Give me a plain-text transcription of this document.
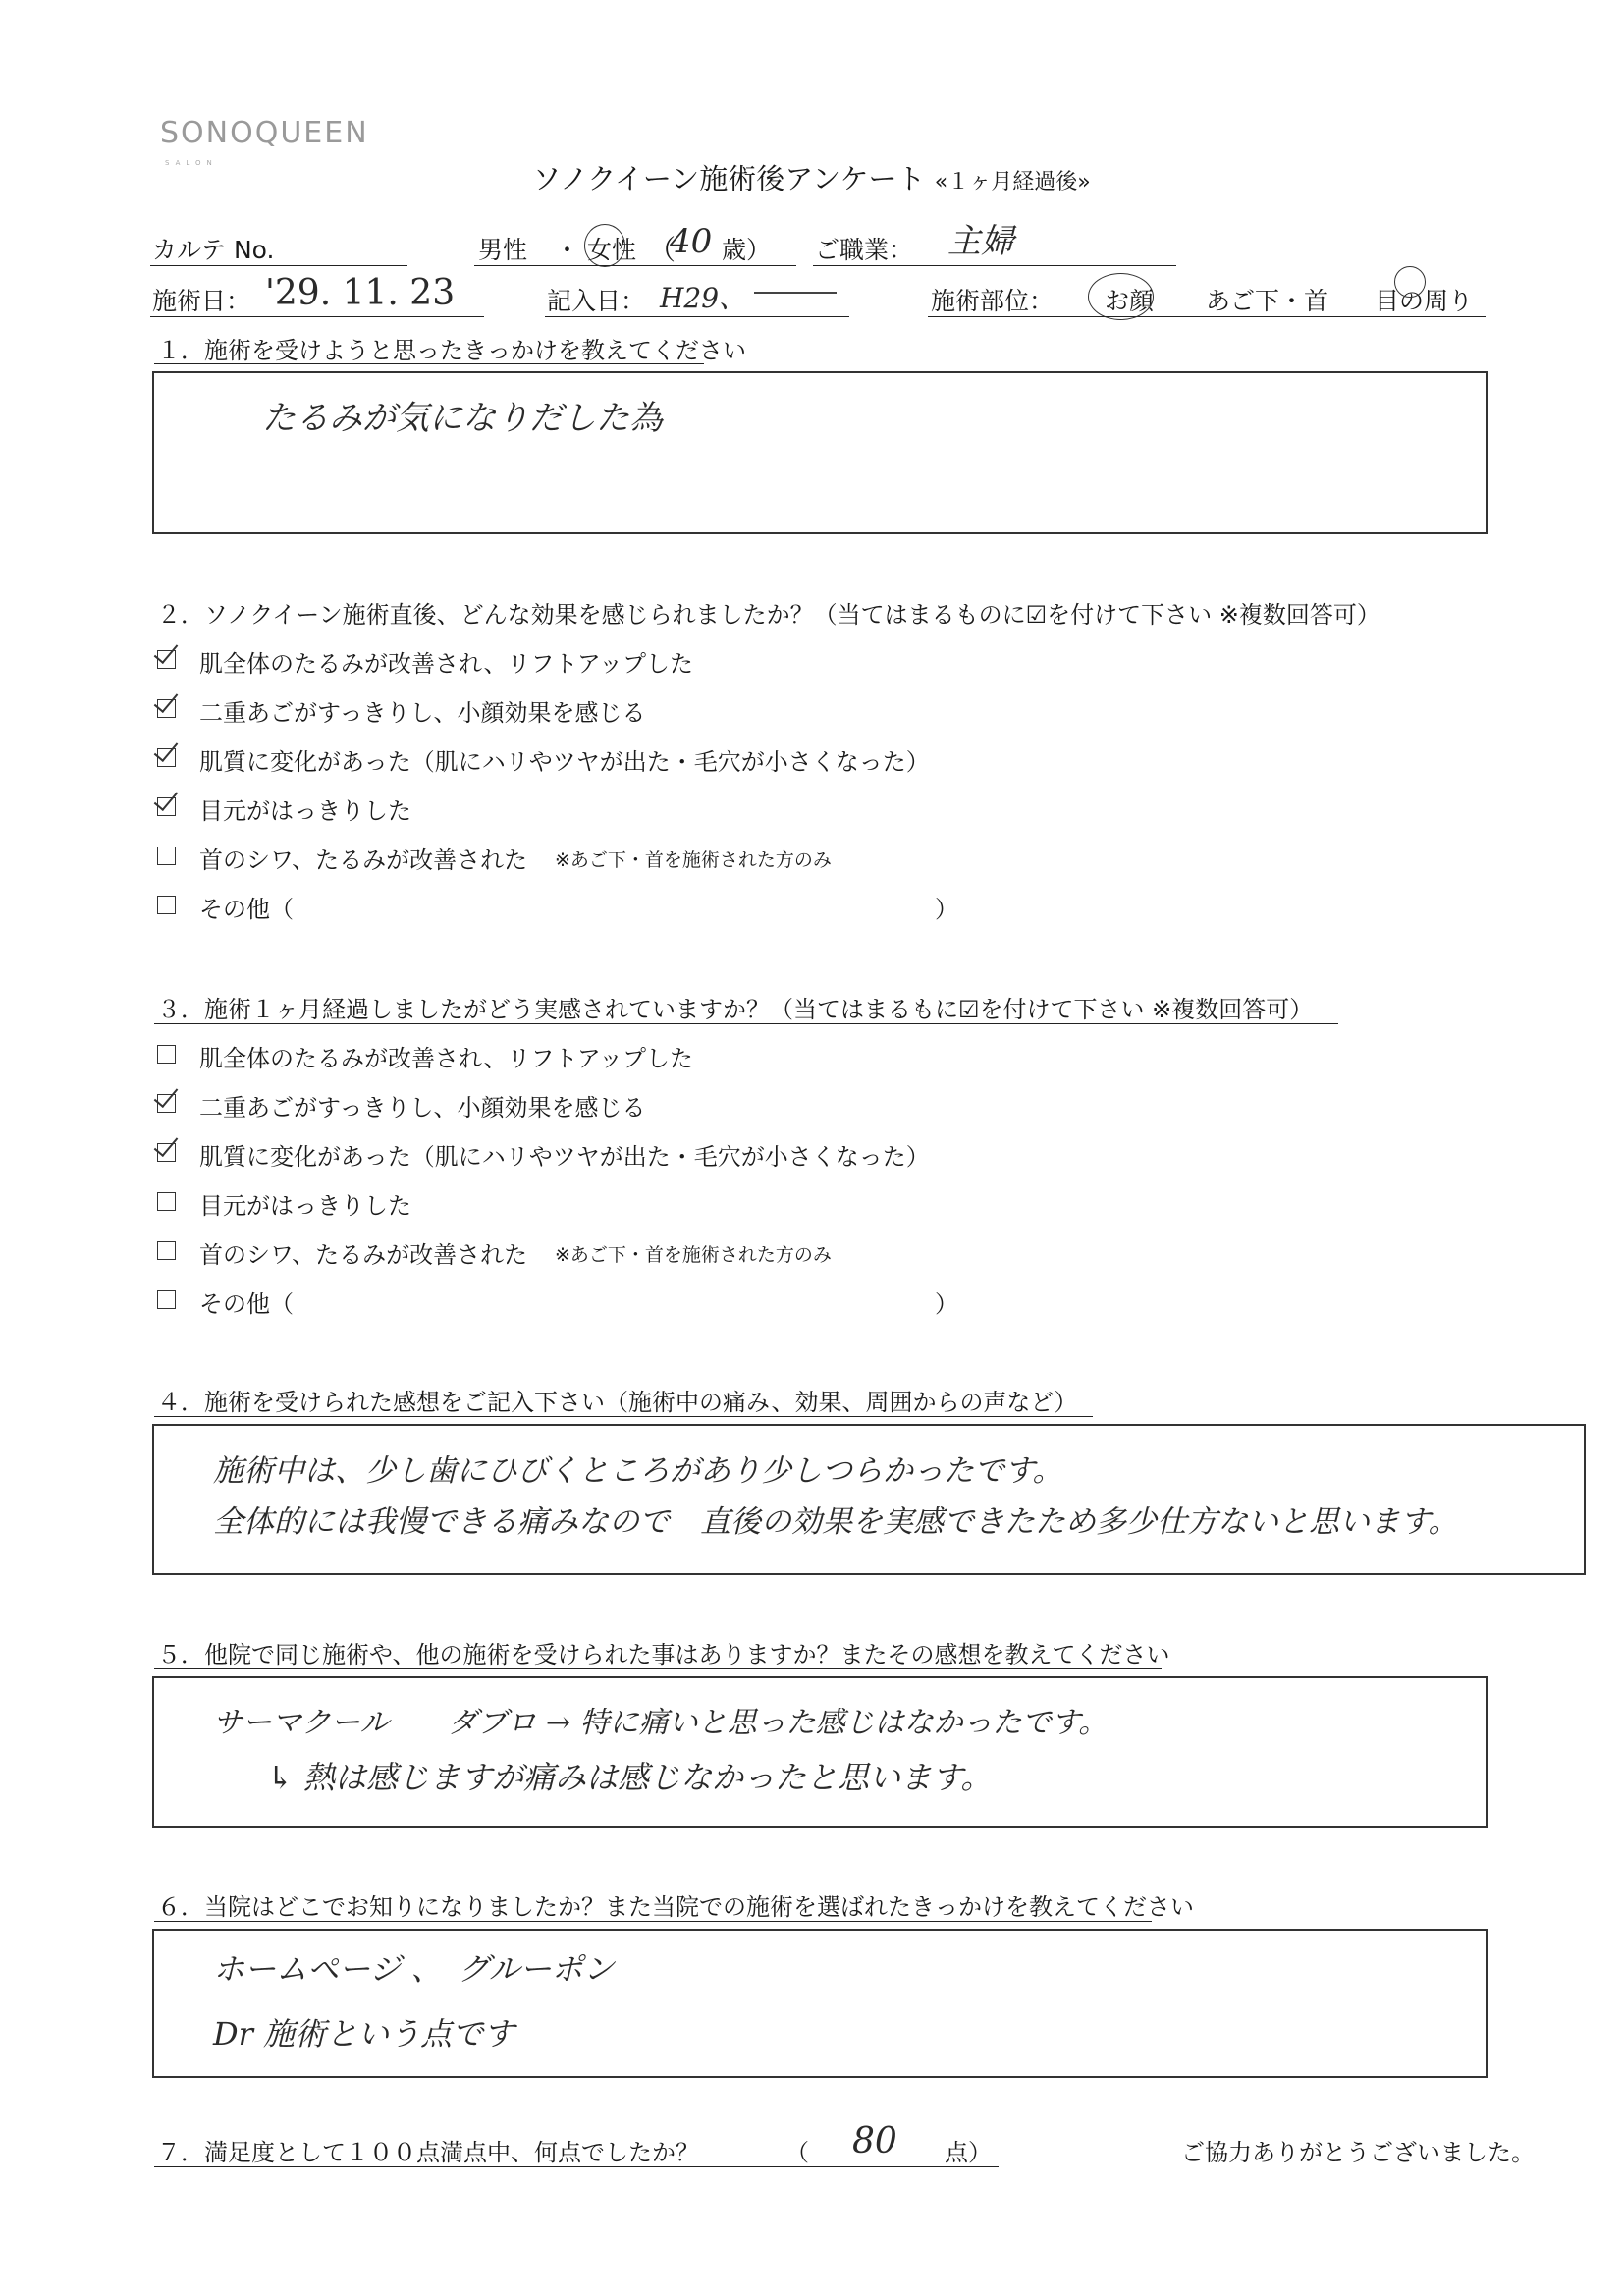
SONOQUEEN
SALON	ソノクイーン施術後アンケート «１ヶ月経過後»
カルテ No.	男性 ・ 女性 （
40 歳） ご職業： 主婦
施術日： '29. 11. 23	記入日： H29、	施術部位： お顔 あご下・首 目の周り
１．施術を受けようと思ったきっかけを教えてください
たるみが気になりだした為
２．ソノクイーン施術直後、どんな効果を感じられましたか？（当てはまるものに☑を付けて下さい ※複数回答可）
肌全体のたるみが改善され、リフトアップした
二重あごがすっきりし、小顔効果を感じる
肌質に変化があった（肌にハリやツヤが出た・毛穴が小さくなった）
目元がはっきりした
首のシワ、たるみが改善された ※あご下・首を施術された方のみ
その他（	）
３．施術１ヶ月経過しましたがどう実感されていますか？（当てはまるもに☑を付けて下さい ※複数回答可）
肌全体のたるみが改善され、リフトアップした
二重あごがすっきりし、小顔効果を感じる
肌質に変化があった（肌にハリやツヤが出た・毛穴が小さくなった）
目元がはっきりした
首のシワ、たるみが改善された ※あご下・首を施術された方のみ
その他（	）
４．施術を受けられた感想をご記入下さい（施術中の痛み、効果、周囲からの声など）
施術中は、少し歯にひびくところがあり少しつらかったです。
全体的には我慢できる痛みなので　直後の効果を実感できたため多少仕方ないと思います。
５．他院で同じ施術や、他の施術を受けられた事はありますか？またその感想を教えてください
サーマクール　　ダブロ → 特に痛いと思った感じはなかったです。
↳ 熱は感じますが痛みは感じなかったと思います。
６．当院はどこでお知りになりましたか？また当院での施術を選ばれたきっかけを教えてください
ホームページ 、　グルーポン
Dr 施術という点です
７．満足度として１００点満点中、何点でしたか？	（ 80 点）	ご協力ありがとうございました。
